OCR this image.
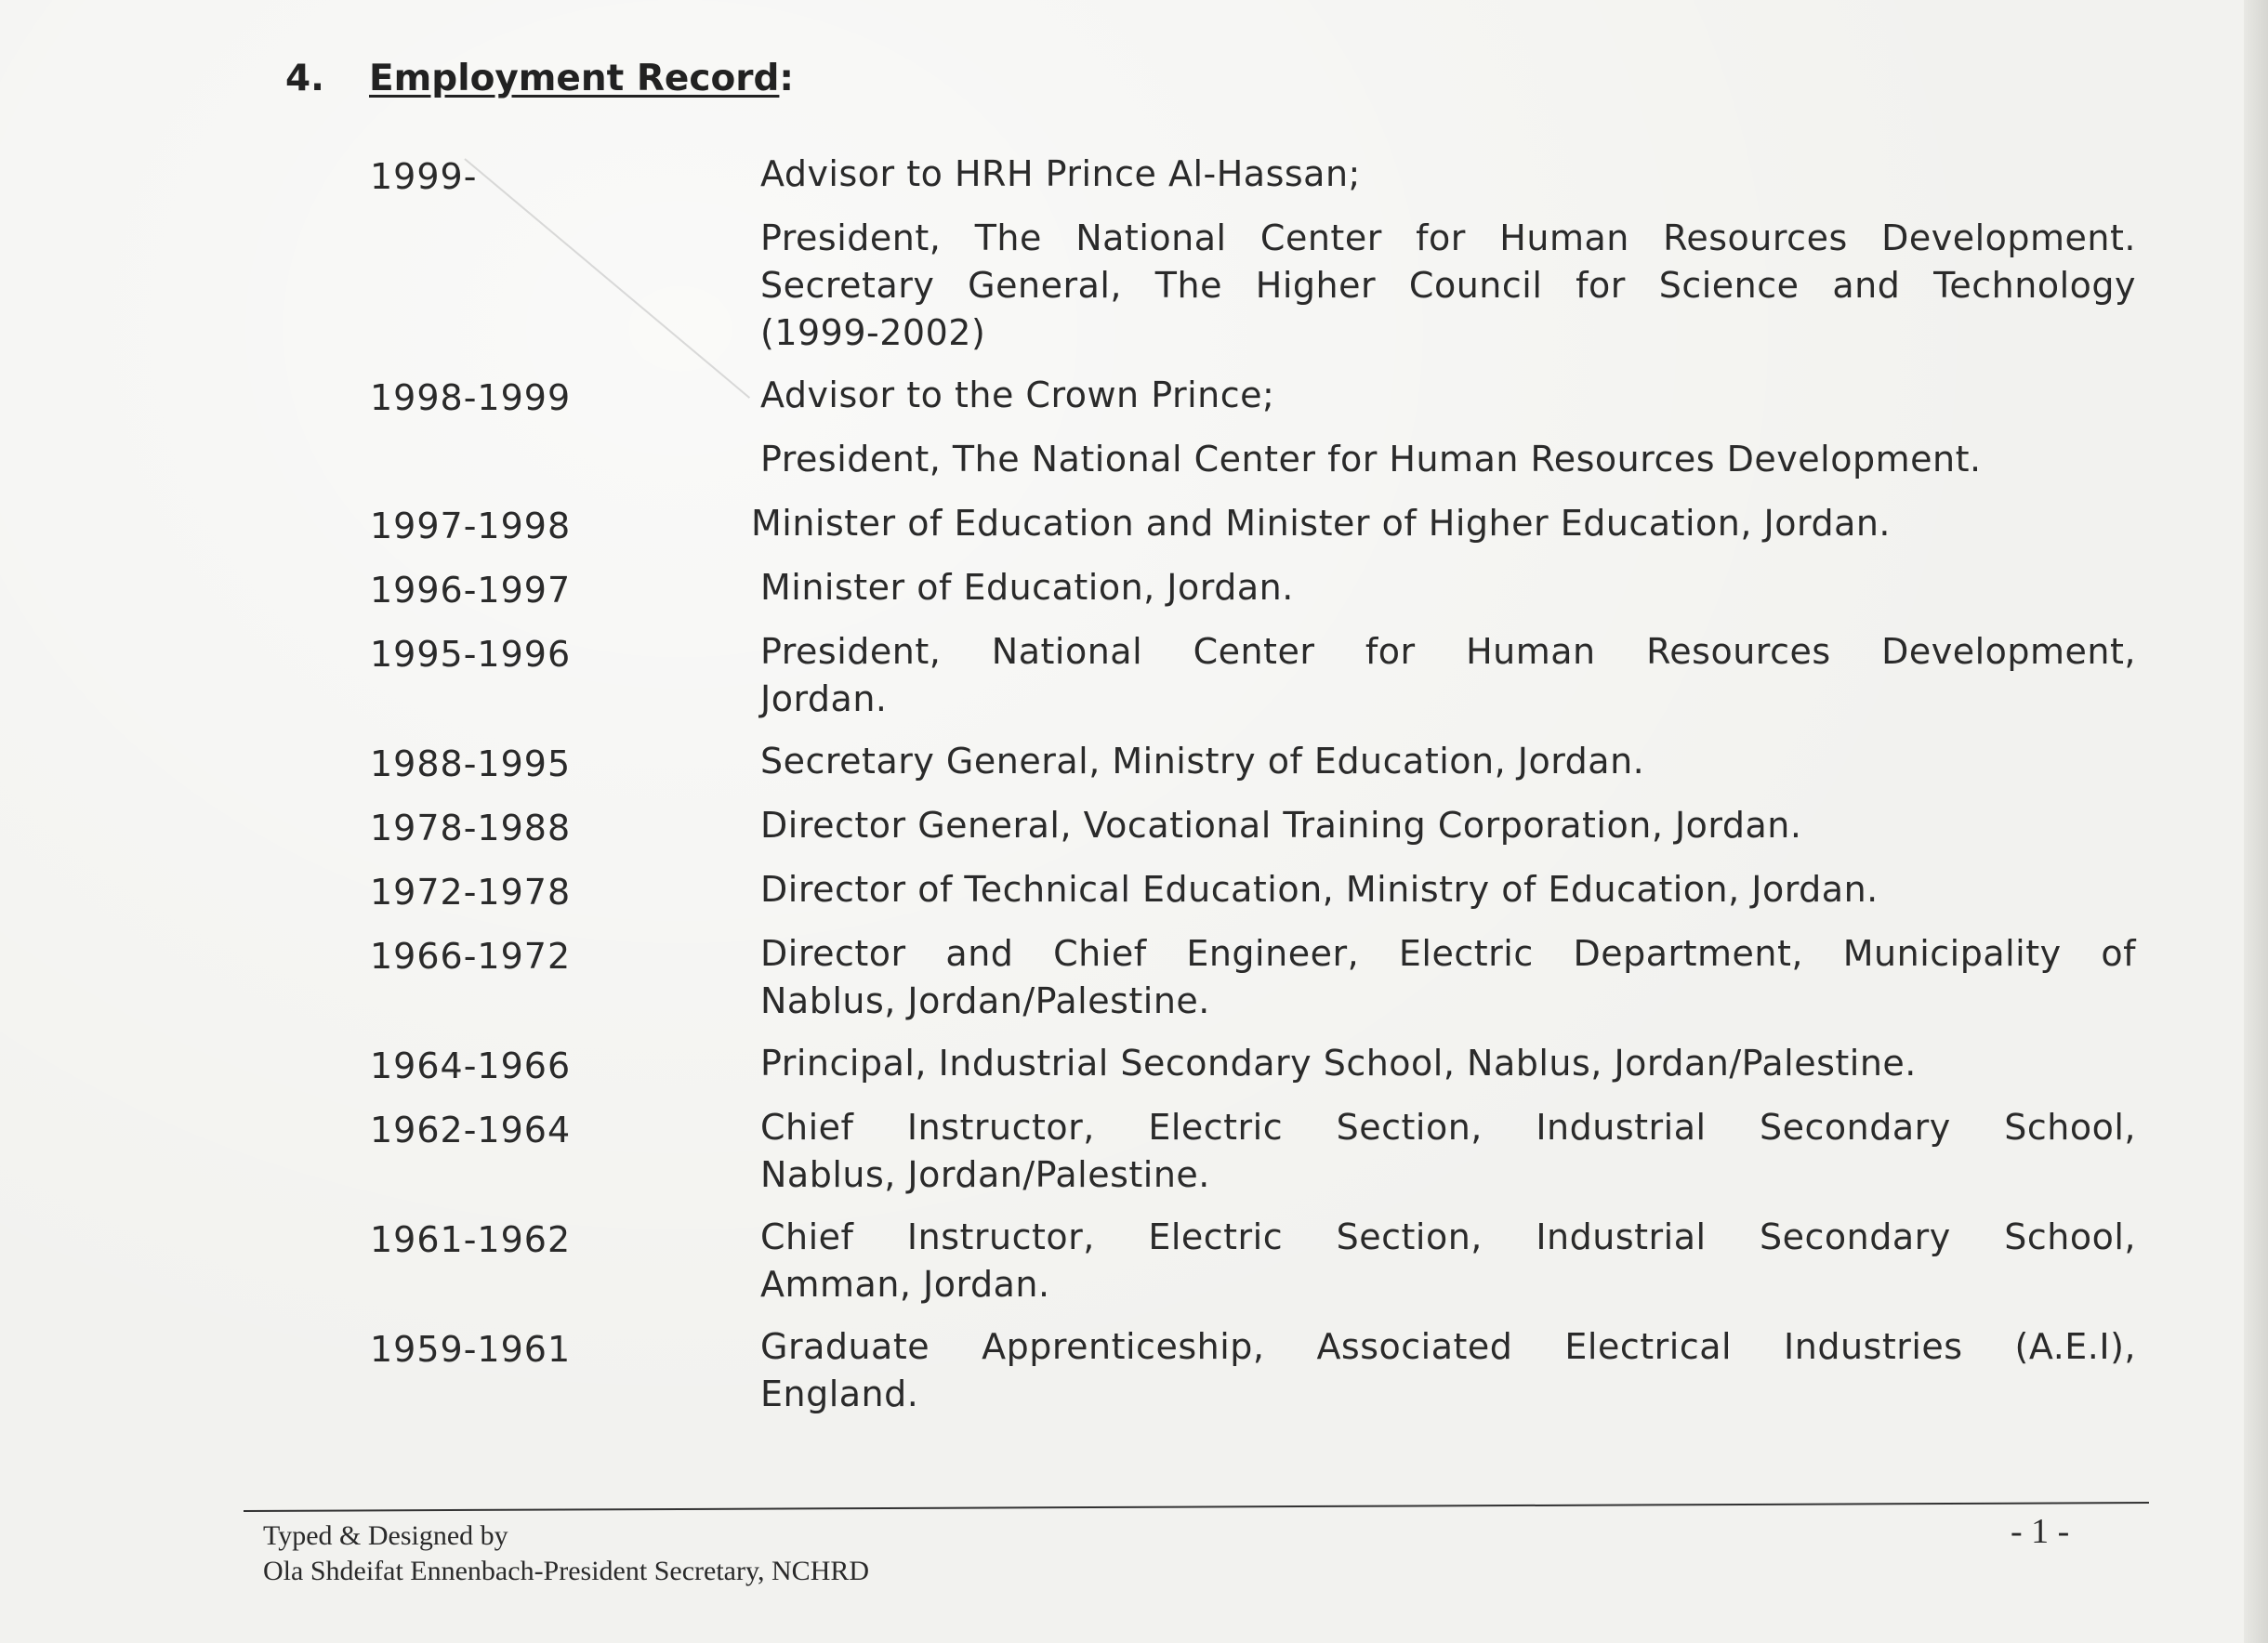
4. Employment Record:
1999-	Advisor to HRH Prince Al-Hassan;
President, The National Center for Human Resources Development.
Secretary General, The Higher Council for Science and Technology
(1999-2002)
1998-1999	Advisor to the Crown Prince;
President, The National Center for Human Resources Development.
1997-1998	Minister of Education and Minister of Higher Education, Jordan.
1996-1997	Minister of Education, Jordan.
1995-1996	President, National Center for Human Resources Development,
Jordan.
1988-1995	Secretary General, Ministry of Education, Jordan.
1978-1988	Director General, Vocational Training Corporation, Jordan.
1972-1978	Director of Technical Education, Ministry of Education, Jordan.
1966-1972	Director and Chief Engineer, Electric Department, Municipality of
Nablus, Jordan/Palestine.
1964-1966	Principal, Industrial Secondary School, Nablus, Jordan/Palestine.
1962-1964	Chief Instructor, Electric Section, Industrial Secondary School,
Nablus, Jordan/Palestine.
1961-1962	Chief Instructor, Electric Section, Industrial Secondary School,
Amman, Jordan.
1959-1961	Graduate Apprenticeship, Associated Electrical Industries (A.E.I),
England.
Typed & Designed by
Ola Shdeifat Ennenbach-President Secretary, NCHRD
- 1 -
